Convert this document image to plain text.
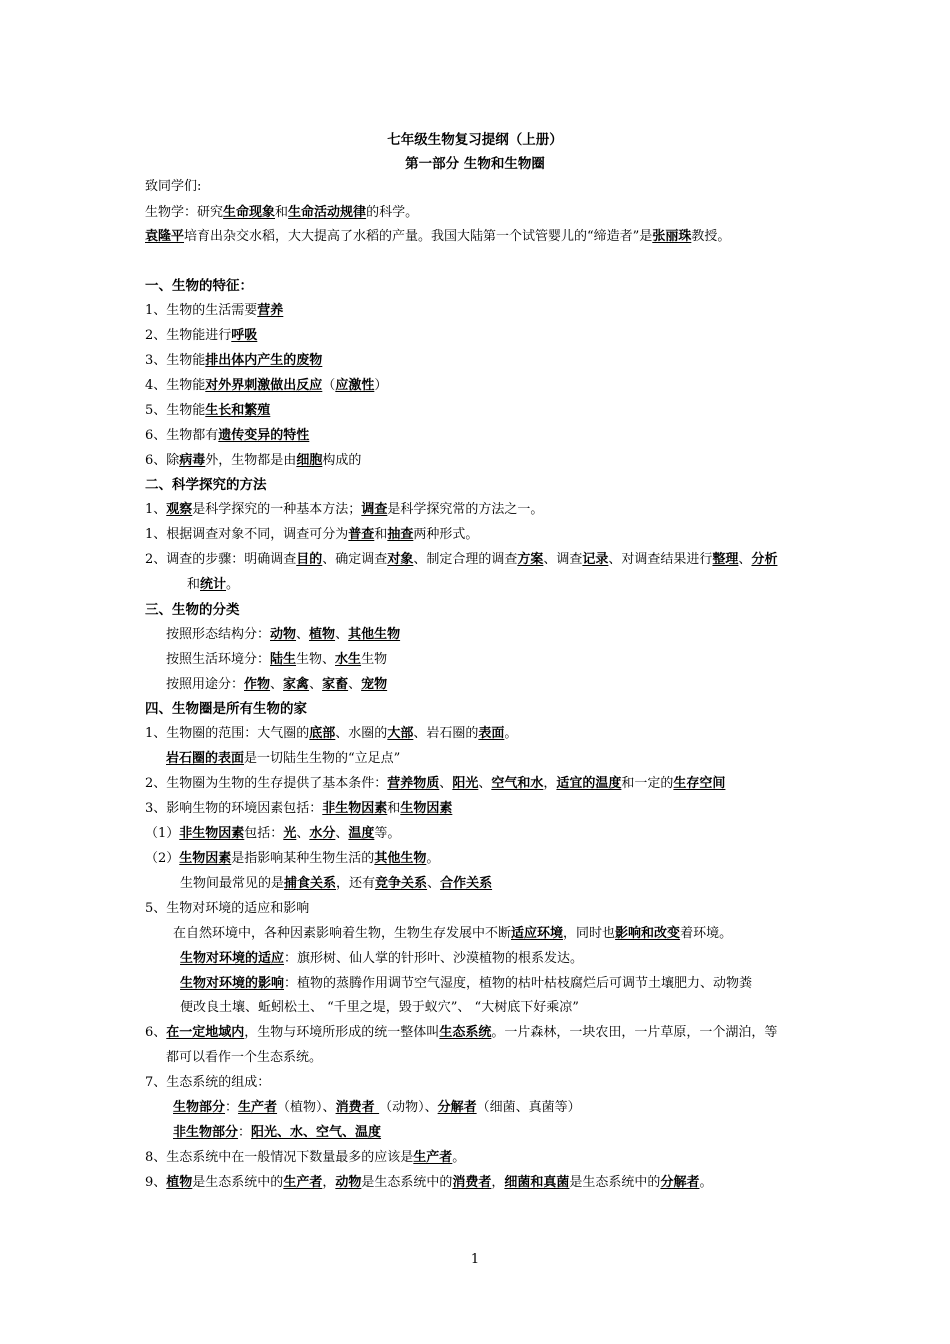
七年级生物复习提纲（上册）
第一部分 生物和生物圈
致同学们:
生物学：研究生命现象和生命活动规律的科学。
袁隆平培育出杂交水稻，大大提高了水稻的产量。我国大陆第一个试管婴儿的“缔造者”是张丽珠教授。
一、生物的特征：
1、生物的生活需要营养
2、生物能进行呼吸
3、生物能排出体内产生的废物
4、生物能对外界刺激做出反应（应激性）
5、生物能生长和繁殖
6、生物都有遗传变异的特性
6、除病毒外，生物都是由细胞构成的
二、科学探究的方法
1、观察是科学探究的一种基本方法；调查是科学探究常的方法之一。
1、根据调查对象不同，调查可分为普查和抽查两种形式。
2、调查的步骤：明确调查目的、确定调查对象、制定合理的调查方案、调查记录、对调查结果进行整理、分析
和统计。
三、生物的分类
按照形态结构分：动物、植物、其他生物
按照生活环境分：陆生生物、水生生物
按照用途分：作物、家禽、家畜、宠物
四、生物圈是所有生物的家
1、生物圈的范围：大气圈的底部、水圈的大部、岩石圈的表面。
岩石圈的表面是一切陆生生物的“立足点”
2、生物圈为生物的生存提供了基本条件：营养物质、阳光、空气和水，适宜的温度和一定的生存空间
3、影响生物的环境因素包括：非生物因素和生物因素
（1）非生物因素包括：光、水分、温度等。
（2）生物因素是指影响某种生物生活的其他生物。
生物间最常见的是捕食关系，还有竞争关系、合作关系
5、生物对环境的适应和影响
在自然环境中，各种因素影响着生物，生物生存发展中不断适应环境，同时也影响和改变着环境。
生物对环境的适应：旗形树、仙人掌的针形叶、沙漠植物的根系发达。
生物对环境的影响：植物的蒸腾作用调节空气湿度，植物的枯叶枯枝腐烂后可调节土壤肥力、动物粪
便改良土壤、蚯蚓松土、 “千里之堤，毁于蚁穴”、 “大树底下好乘凉”
6、在一定地域内，生物与环境所形成的统一整体叫生态系统。一片森林，一块农田，一片草原，一个湖泊，等
都可以看作一个生态系统。
7、生态系统的组成：
生物部分：生产者（植物）、消费者 （动物）、分解者（细菌、真菌等）
非生物部分：阳光、水、空气、温度
8、生态系统中在一般情况下数量最多的应该是生产者。
9、植物是生态系统中的生产者，动物是生态系统中的消费者，细菌和真菌是生态系统中的分解者。
1
